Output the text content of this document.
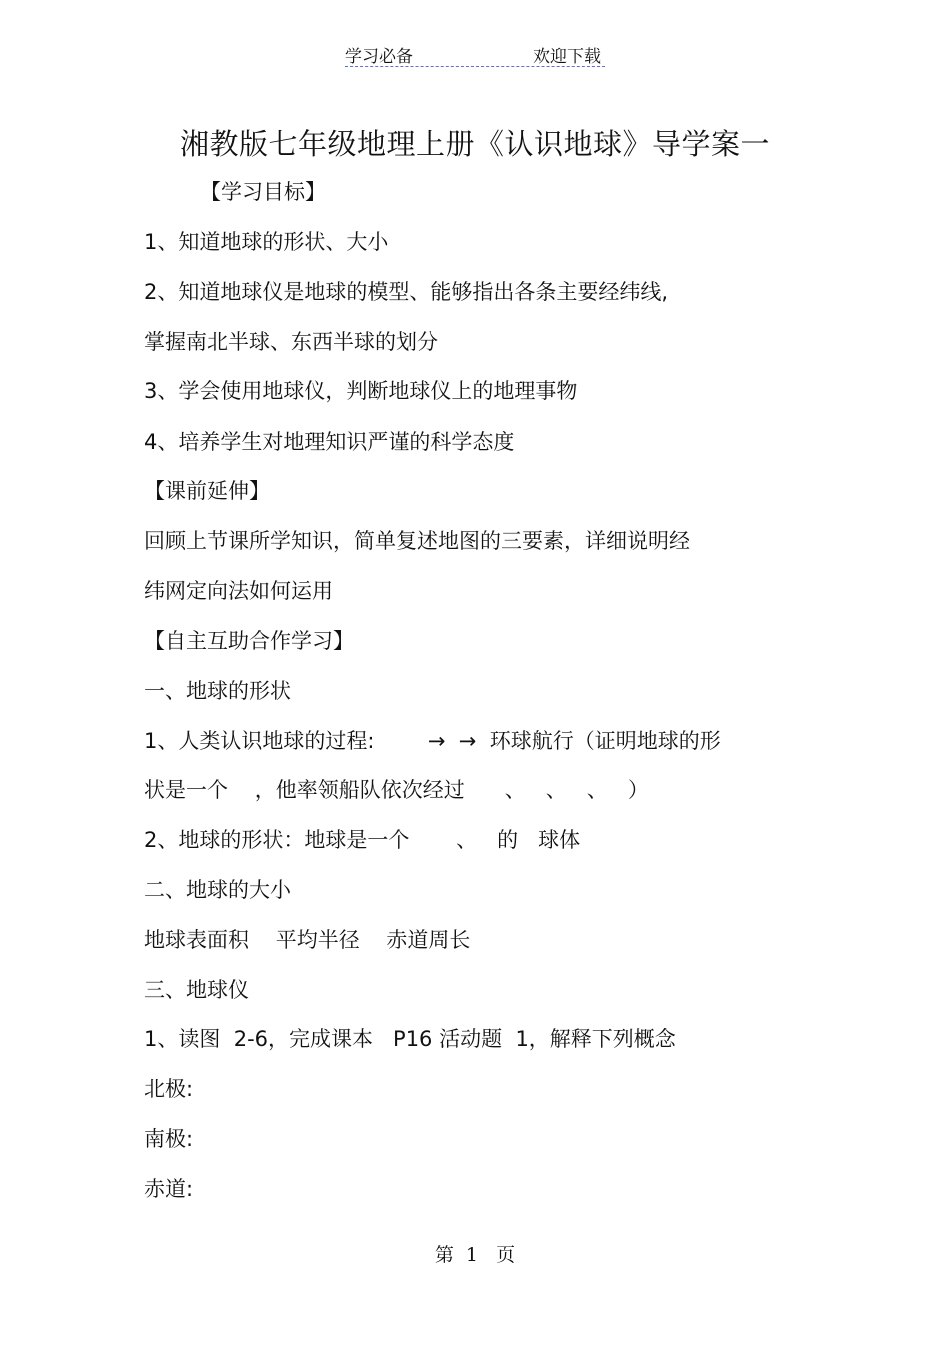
学习必备	欢迎下载
湘教版七年级地理上册《认识地球》导学案一
【学习目标】
1、知道地球的形状、大小
2、知道地球仪是地球的模型、能够指出各条主要经纬线,
掌握南北半球、东西半球的划分
3、学会使用地球仪，判断地球仪上的地理事物
4、培养学生对地理知识严谨的科学态度
【课前延伸】
回顾上节课所学知识，简单复述地图的三要素，详细说明经
纬网定向法如何运用
【自主互助合作学习】
一、地球的形状
1、人类认识地球的过程:        →  →  环球航行（证明地球的形
状是一个    ，他率领船队依次经过      、   、   、   ）
2、地球的形状：地球是一个       、   的   球体
二、地球的大小
地球表面积    平均半径    赤道周长
三、地球仪
1、读图  2-6，完成课本   P16 活动题  1，解释下列概念
北极:
南极:
赤道:
第  1   页
